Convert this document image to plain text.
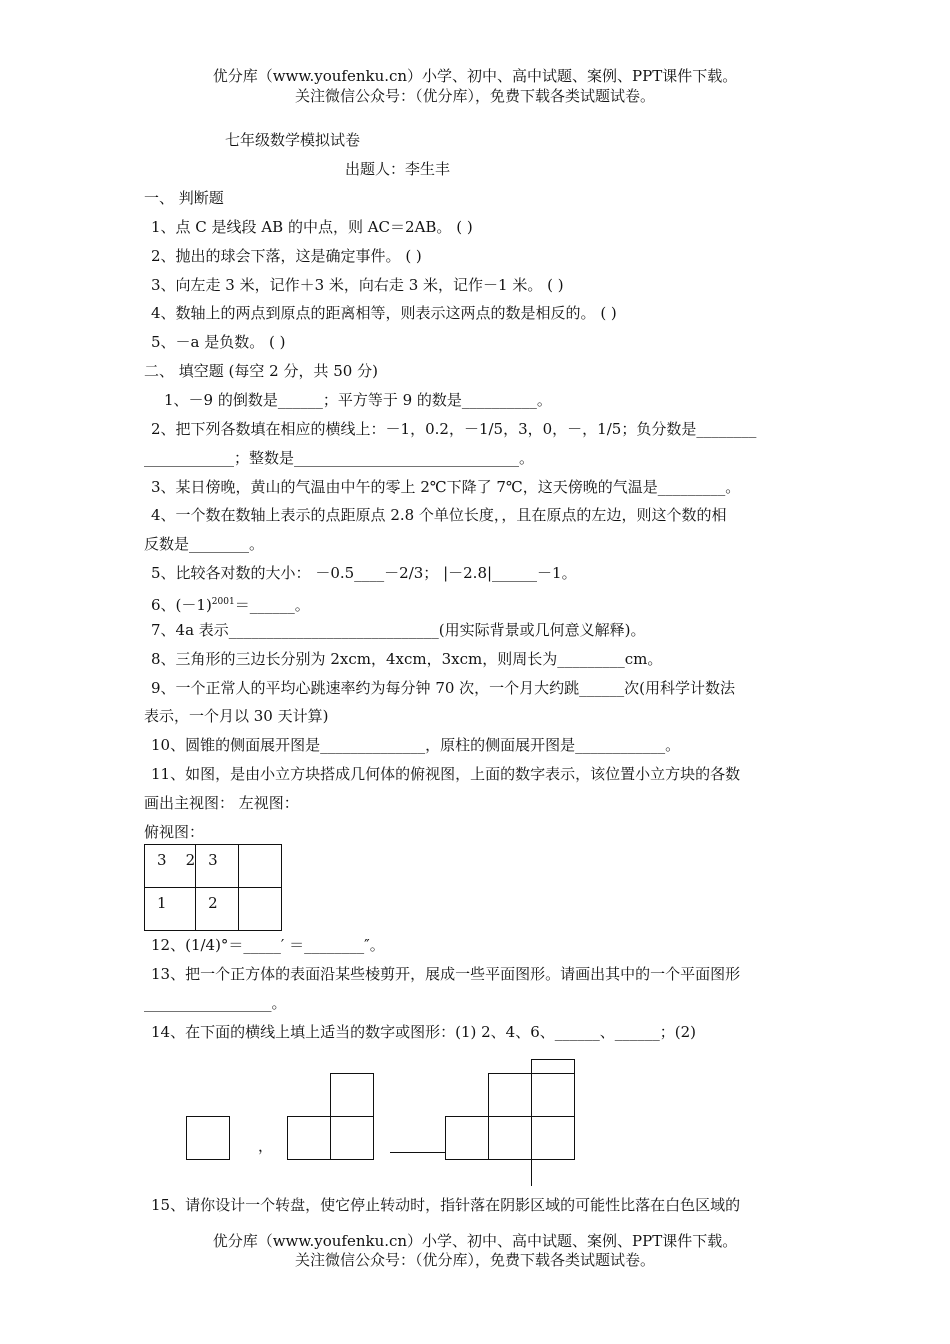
优分库（www.youfenku.cn）小学、初中、高中试题、案例、PPT课件下载。
关注微信公众号：（优分库），免费下载各类试题试卷。
七年级数学模拟试卷
出题人：李生丰
一、 判断题
1、点 C 是线段 AB 的中点，则 AC＝2AB。 ( )
2、抛出的球会下落，这是确定事件。 ( )
3、向左走 3 米，记作＋3 米，向右走 3 米，记作－1 米。 ( )
4、数轴上的两点到原点的距离相等，则表示这两点的数是相反的。 ( )
5、－a 是负数。 ( )
二、 填空题 (每空 2 分，共 50 分)
1、－9 的倒数是______；平方等于 9 的数是__________。
2、把下列各数填在相应的横线上：－1，0.2，－1/5，3，0，－，1/5；负分数是________
____________；整数是______________________________。
3、某日傍晚，黄山的气温由中午的零上 2℃下降了 7℃，这天傍晚的气温是_________。
4、一个数在数轴上表示的点距原点 2.8 个单位长度，，且在原点的左边，则这个数的相
反数是________。
5、比较各对数的大小： －0.5____－2/3； |－2.8|______－1。
6、$(-1)^{2001}=\_\_\_\_\_\_$。
7、4a 表示____________________________(用实际背景或几何意义解释)。
8、三角形的三边长分别为 2xcm，4xcm，3xcm，则周长为_________cm。
9、一个正常人的平均心跳速率约为每分钟 70 次，一个月大约跳______次(用科学计数法
表示，一个月以 30 天计算)
10、圆锥的侧面展开图是______________，原柱的侧面展开图是____________。
11、如图，是由小立方块搭成几何体的俯视图，上面的数字表示，该位置小立方块的各数
画出主视图： 左视图：
俯视图：
3    2	3	
1	2	
12、(1/4)°＝_____′ ＝________″。
13、把一个正方体的表面沿某些棱剪开，展成一些平面图形。请画出其中的一个平面图形
_________________。
14、在下面的横线上填上适当的数字或图形：(1) 2、4、6、______、______；(2)
，
15、请你设计一个转盘，使它停止转动时，指针落在阴影区域的可能性比落在白色区域的
优分库（www.youfenku.cn）小学、初中、高中试题、案例、PPT课件下载。
关注微信公众号：（优分库），免费下载各类试题试卷。
